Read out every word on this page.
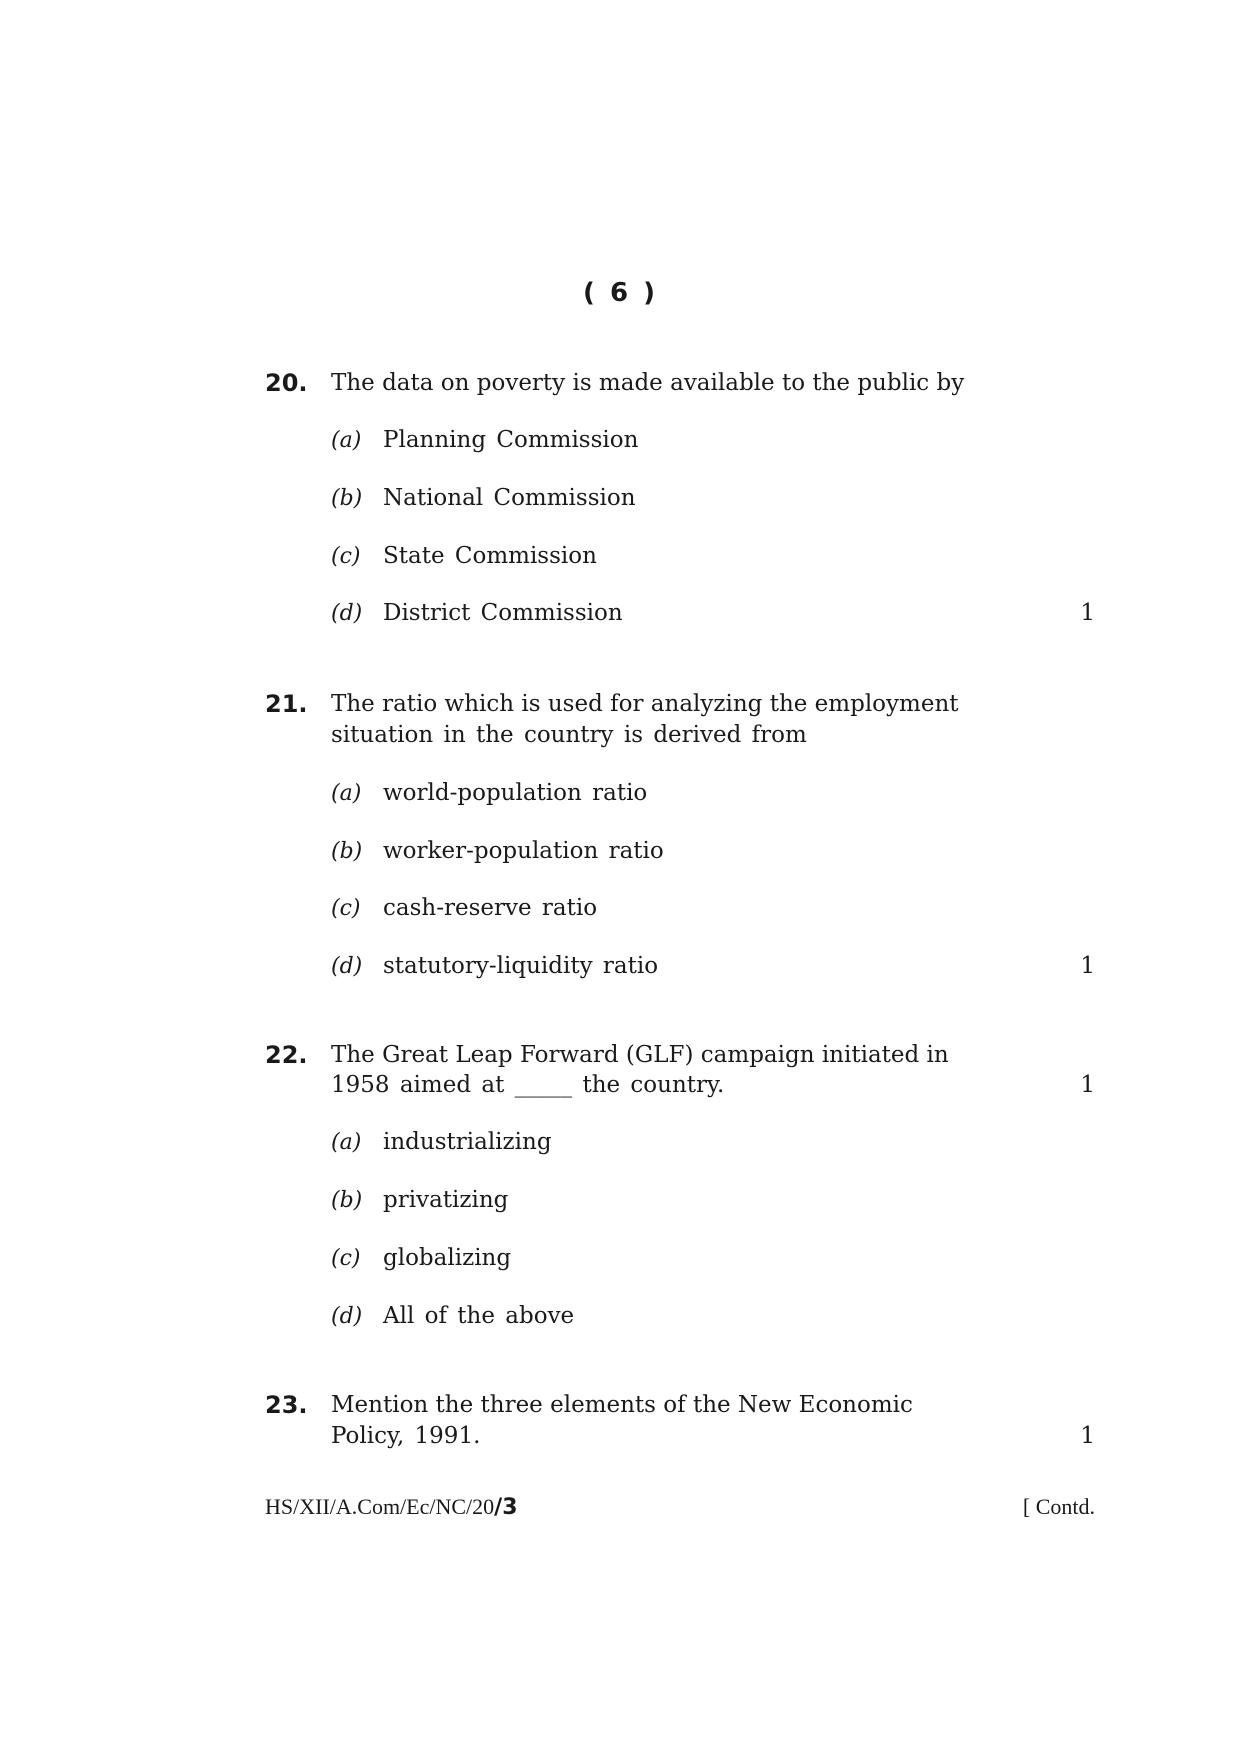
( 6 )
20.	The data on poverty is made available to the public by
(a) Planning Commission
(b) National Commission
(c) State Commission
(d) District Commission	1
21.	The ratio which is used for analyzing the employment
situation in the country is derived from
(a) world-population ratio
(b) worker-population ratio
(c) cash-reserve ratio
(d) statutory-liquidity ratio	1
22.	The Great Leap Forward (GLF) campaign initiated in
1958 aimed at _____ the country.	1
(a) industrializing
(b) privatizing
(c) globalizing
(d) All of the above
23.	Mention the three elements of the New Economic
Policy, 1991.	1
HS/XII/A.Com/Ec/NC/20/3	[ Contd.
